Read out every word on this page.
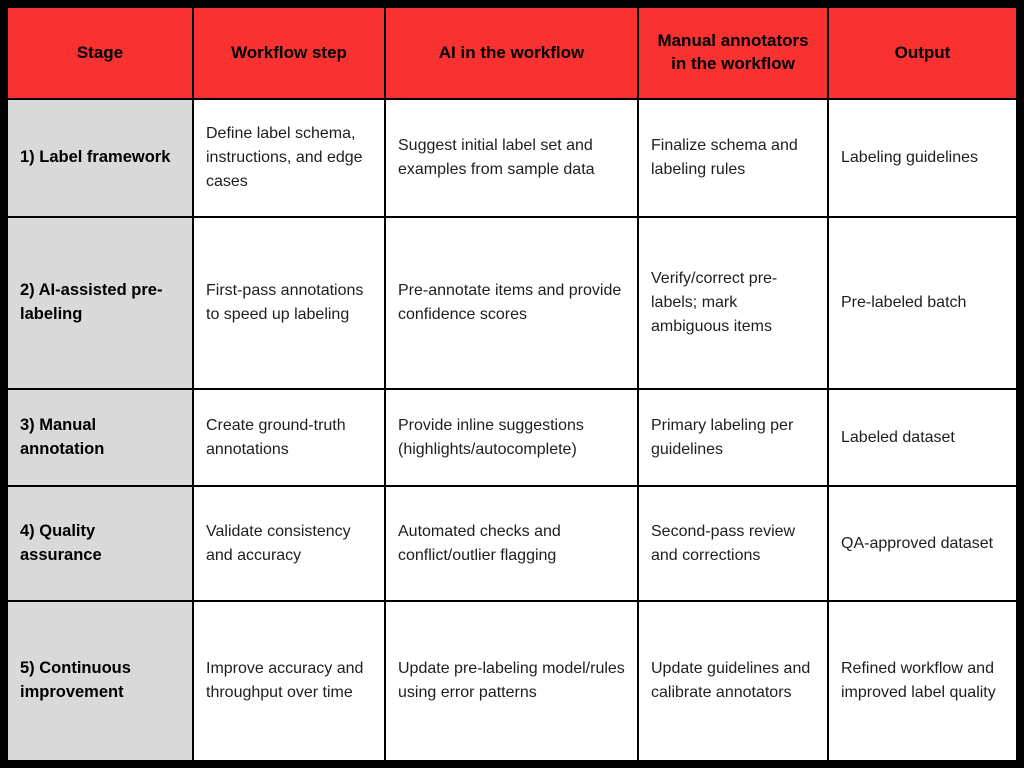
Stage	Workflow step	AI in the workflow
Manual annotators in the workflow
Output
1) Label framework
Define label schema, instructions, and edge cases
Suggest initial label set and examples from sample data
Finalize schema and labeling rules
Labeling guidelines
2) AI-assisted pre-labeling
First-pass annotations to speed up labeling
Pre-annotate items and provide confidence scores
Verify/correct pre-labels; mark ambiguous items
Pre-labeled batch
3) Manual annotation
Create ground-truth annotations
Provide inline suggestions (highlights/autocomplete)
Primary labeling per guidelines
Labeled dataset
4) Quality assurance
Validate consistency and accuracy
Automated checks and conflict/outlier flagging
Second-pass review and corrections
QA-approved dataset
5) Continuous improvement
Improve accuracy and throughput over time
Update pre-labeling model/rules using error patterns
Update guidelines and calibrate annotators
Refined workflow and improved label quality
